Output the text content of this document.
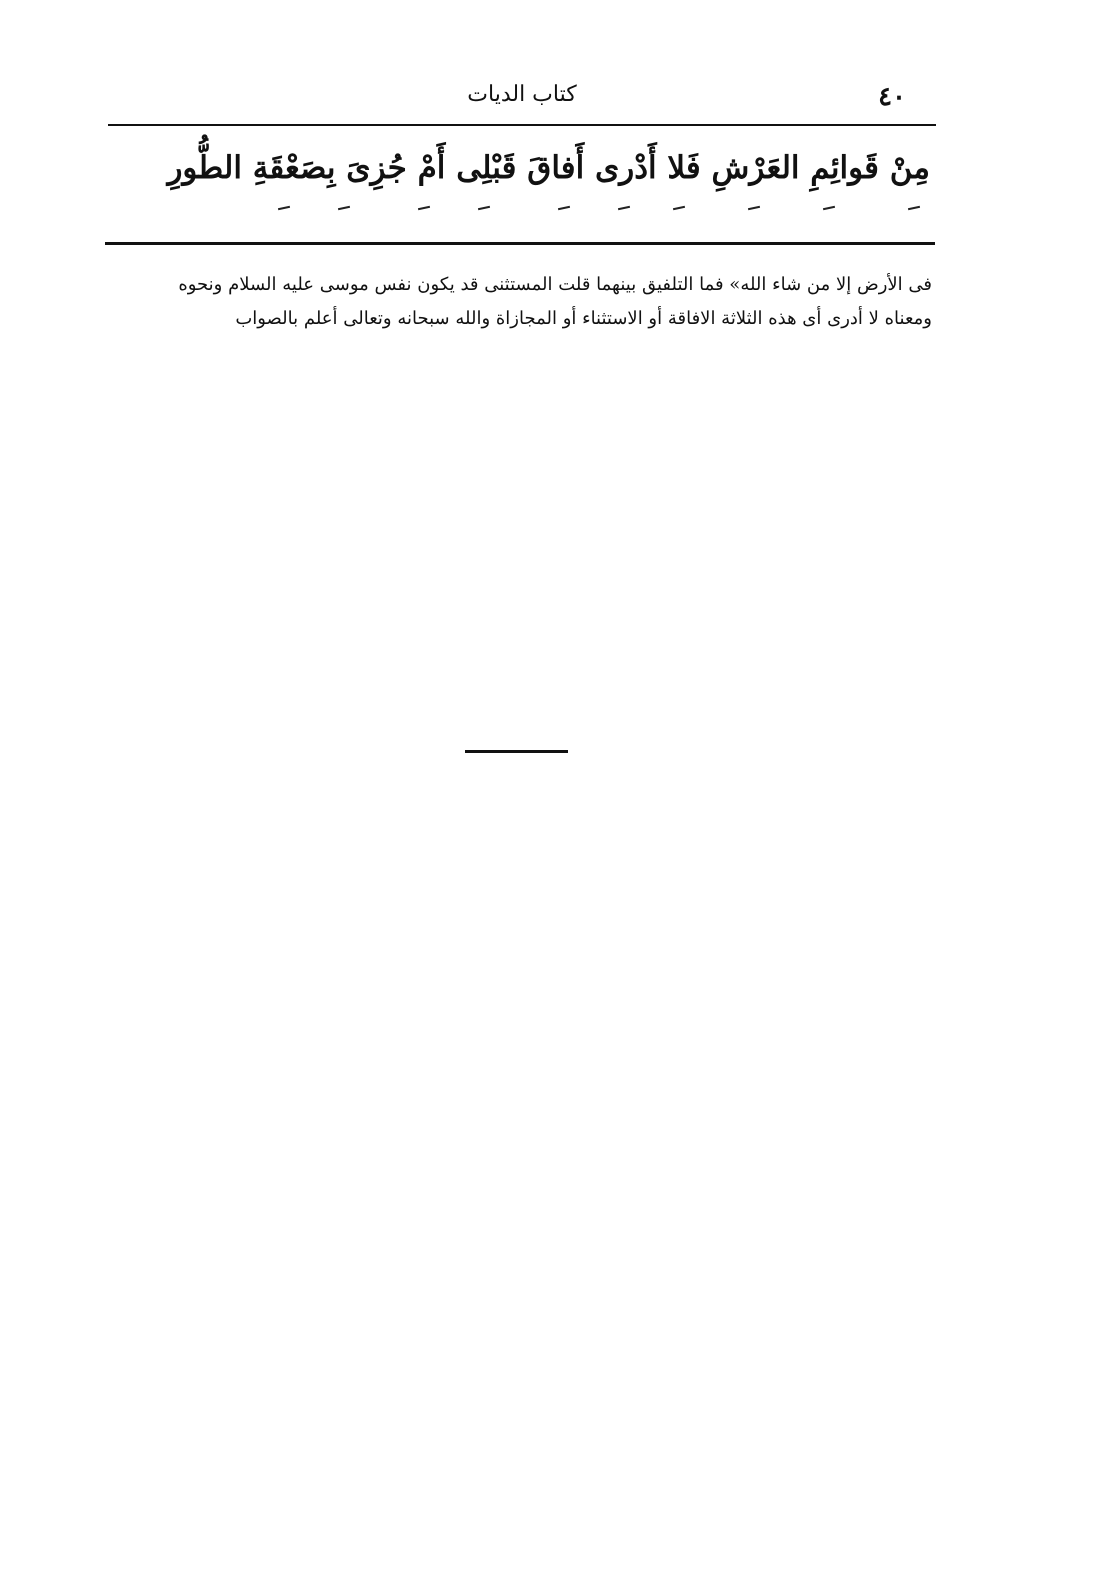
٤٠
كتاب الديات
مِنْ قَوائِمِ العَرْشِ فَلا أَدْرى أَفاقَ قَبْلِى أَمْ جُزِىَ بِصَعْقَةِ الطُّورِ

فى الأرض إلا من شاء الله» فما التلفيق بينهما قلت المستثنى قد يكون نفس موسى عليه السلام ونحوه

ومعناه لا أدرى أى هذه الثلاثة الافاقة أو الاستثناء أو المجازاة والله سبحانه وتعالى أعلم بالصواب
